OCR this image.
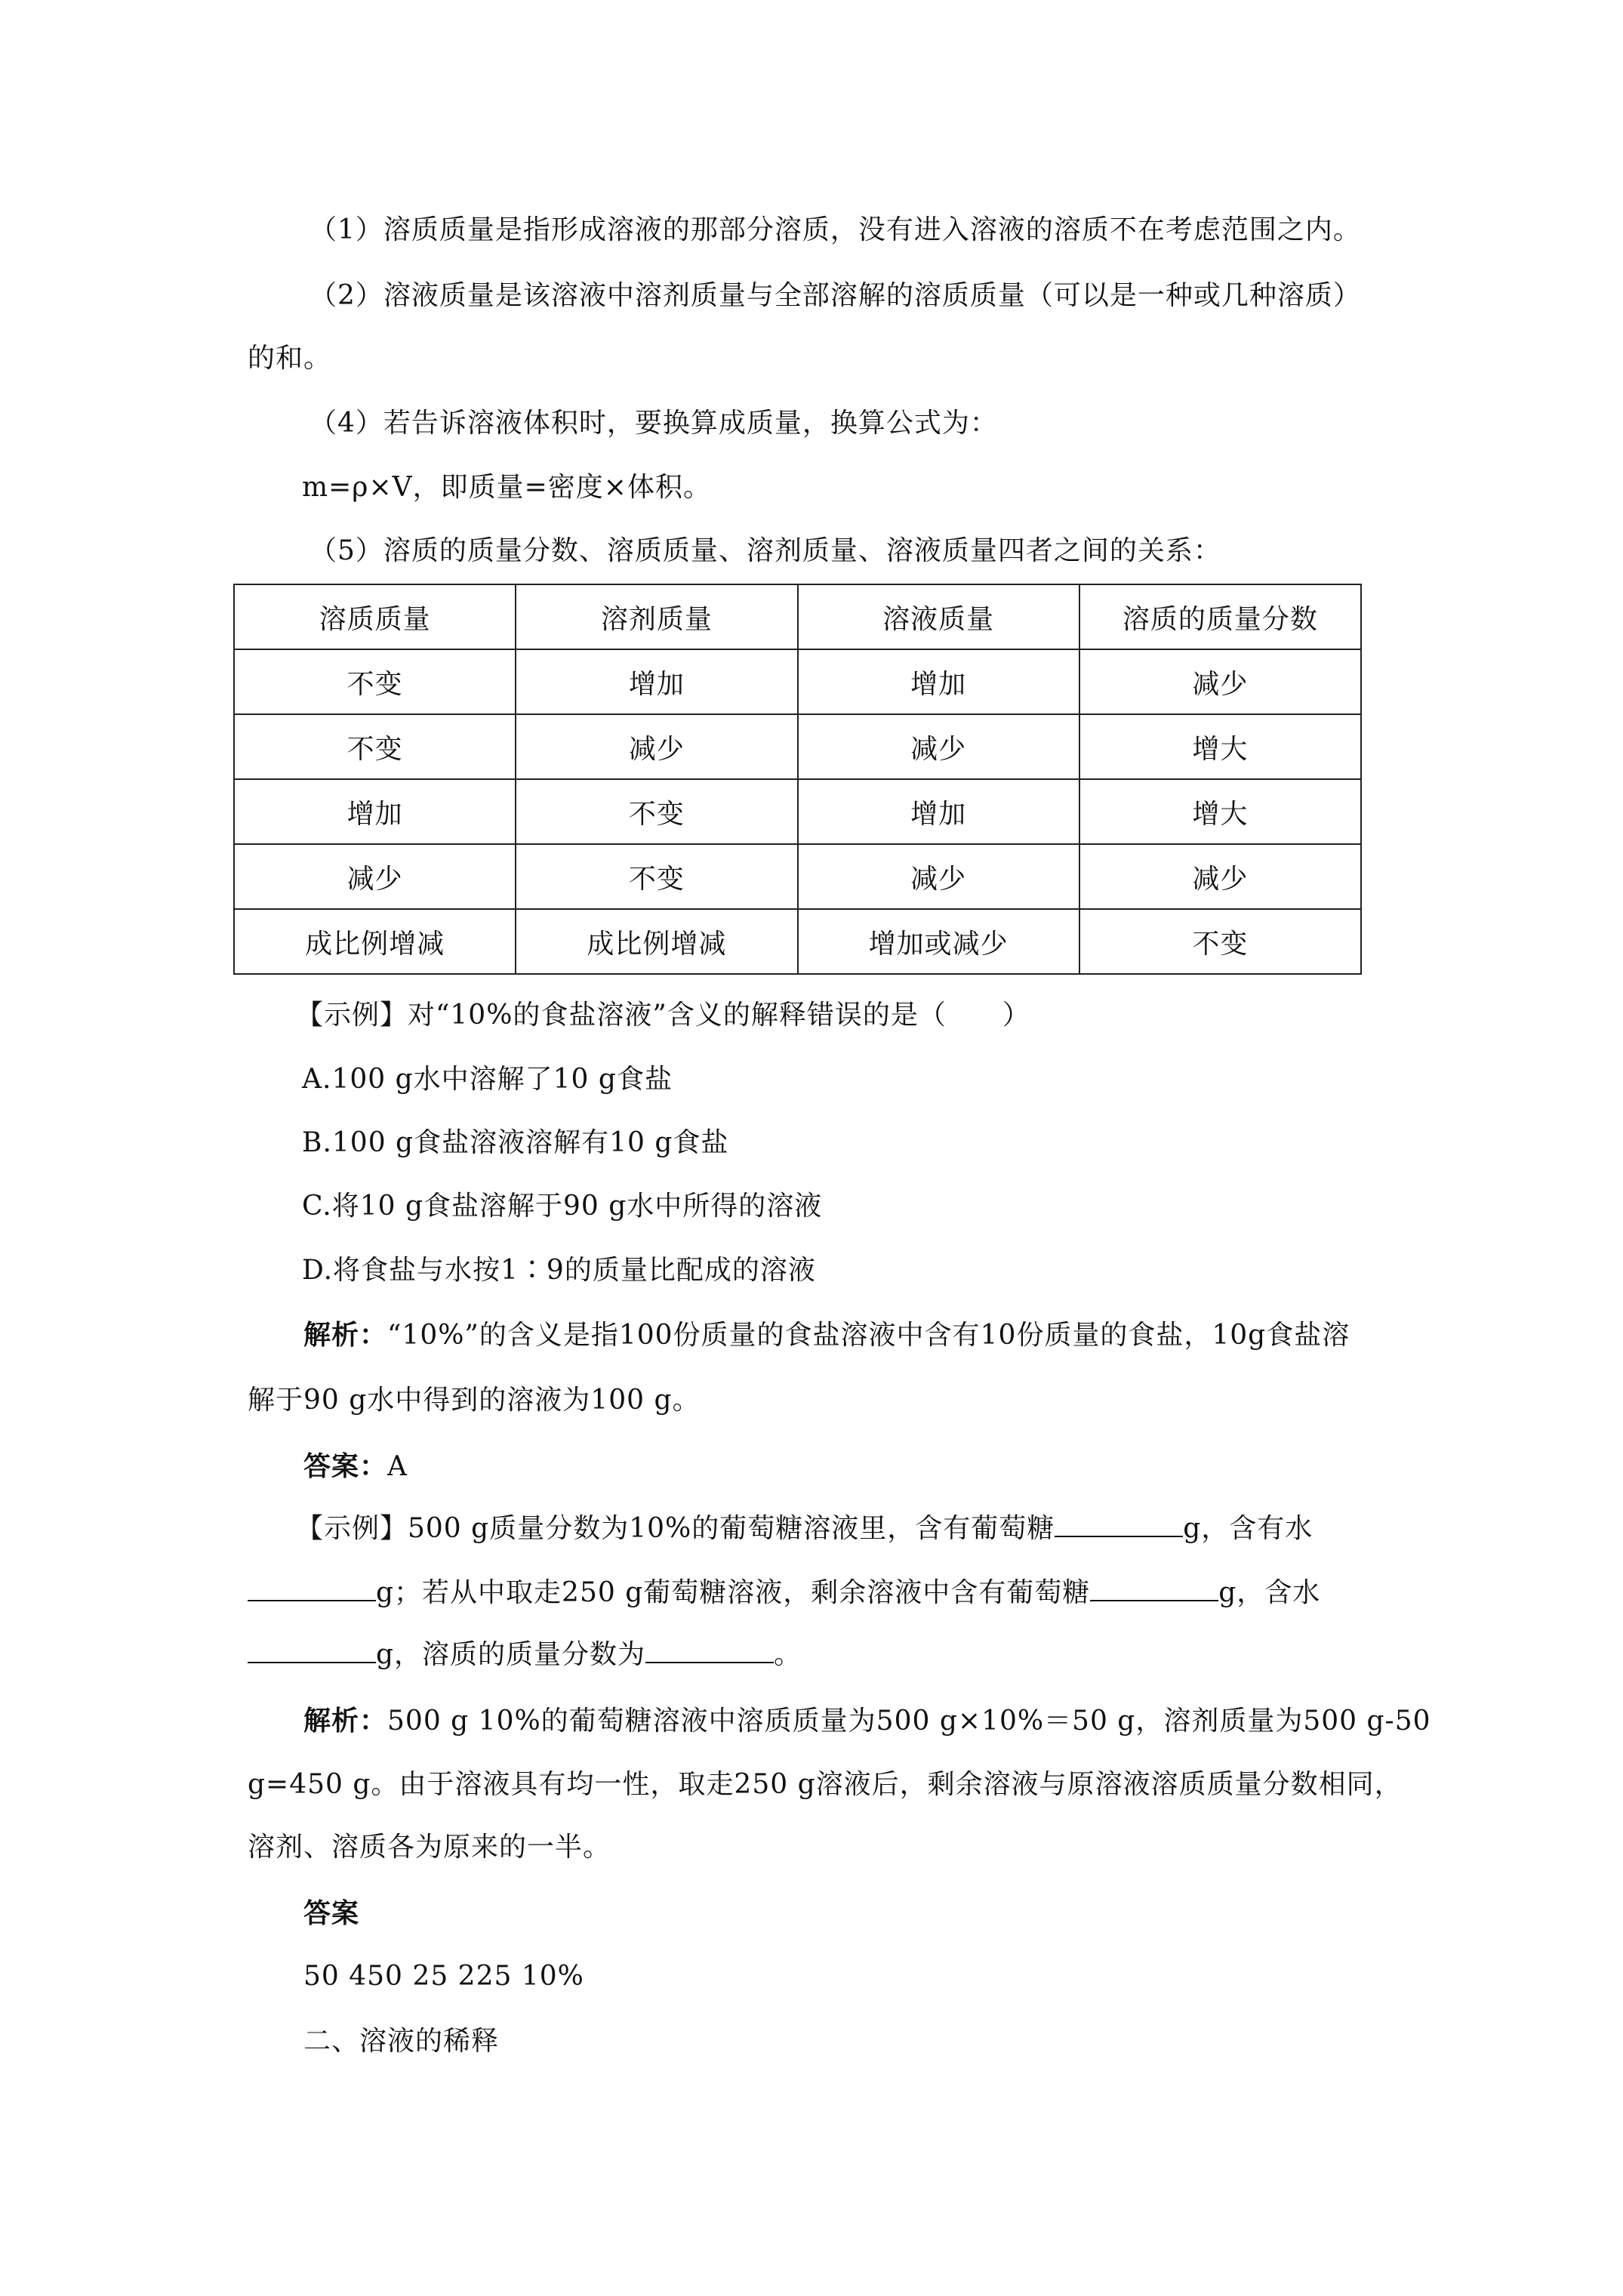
（1）溶质质量是指形成溶液的那部分溶质，没有进入溶液的溶质不在考虑范围之内。
（2）溶液质量是该溶液中溶剂质量与全部溶解的溶质质量（可以是一种或几种溶质）
的和。
（4）若告诉溶液体积时，要换算成质量，换算公式为：
m=ρ×V，即质量=密度×体积。
（5）溶质的质量分数、溶质质量、溶剂质量、溶液质量四者之间的关系：
溶质质量	溶剂质量	溶液质量	溶质的质量分数
不变	增加	增加	减少
不变	减少	减少	增大
增加	不变	增加	增大
减少	不变	减少	减少
成比例增减	成比例增减	增加或减少	不变
【示例】对“10%的食盐溶液”含义的解释错误的是（　　）
A.100 g水中溶解了10 g食盐
B.100 g食盐溶液溶解有10 g食盐
C.将10 g食盐溶解于90 g水中所得的溶液
D.将食盐与水按1∶9的质量比配成的溶液
解析：“10%”的含义是指100份质量的食盐溶液中含有10份质量的食盐，10g食盐溶
解于90 g水中得到的溶液为100 g。
答案：A
【示例】500 g质量分数为10%的葡萄糖溶液里，含有葡萄糖	g，含有水
g；若从中取走250 g葡萄糖溶液，剩余溶液中含有葡萄糖	g，含水
g，溶质的质量分数为	。
解析：500 g 10%的葡萄糖溶液中溶质质量为500 g×10%＝50 g，溶剂质量为500 g-50
g=450 g。由于溶液具有均一性，取走250 g溶液后，剩余溶液与原溶液溶质质量分数相同，
溶剂、溶质各为原来的一半。
答案
50 450 25 225 10%
二、溶液的稀释
